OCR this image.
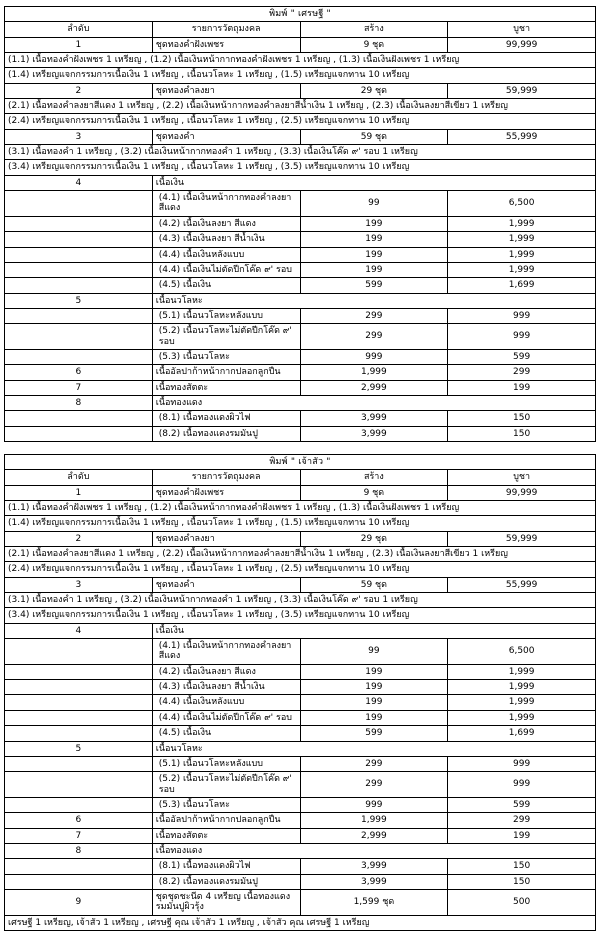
พิมพ์ " เศรษฐี "			
ลำดับ	รายการวัตถุมงคล	สร้าง	บูชา
1	ชุดทองคำฝังเพชร	9 ชุด	99,999
(1.1) เนื้อทองคำฝังเพชร 1 เหรียญ , (1.2) เนื้อเงินหน้ากากทองคำฝังเพชร 1 เหรียญ , (1.3) เนื้อเงินฝังเพชร 1 เหรียญ			
(1.4) เหรียญแจกกรรมการเนื้อเงิน 1 เหรียญ , เนื้อนวโลหะ 1 เหรียญ , (1.5) เหรียญแจกทาน 10 เหรียญ			
2	ชุดทองคำลงยา	29 ชุด	59,999
(2.1) เนื้อทองคำลงยาสีแดง 1 เหรียญ , (2.2) เนื้อเงินหน้ากากทองคำลงยาสีน้ำเงิน 1 เหรียญ , (2.3) เนื้อเงินลงยาสีเขียว 1 เหรียญ			
(2.4) เหรียญแจกกรรมการเนื้อเงิน 1 เหรียญ , เนื้อนวโลหะ 1 เหรียญ , (2.5) เหรียญแจกทาน 10 เหรียญ			
3	ชุดทองคำ	59 ชุด	55,999
(3.1) เนื้อทองคำ 1 เหรียญ , (3.2) เนื้อเงินหน้ากากทองคำ 1 เหรียญ , (3.3) เนื้อเงินโค๊ด ๙' รอบ 1 เหรียญ			
(3.4) เหรียญแจกกรรมการเนื้อเงิน 1 เหรียญ , เนื้อนวโลหะ 1 เหรียญ , (3.5) เหรียญแจกทาน 10 เหรียญ			
4	เนื้อเงิน		
	(4.1) เนื้อเงินหน้ากากทองคำลงยาสีแดง	99	6,500
	(4.2) เนื้อเงินลงยา สีแดง	199	1,999
	(4.3) เนื้อเงินลงยา สีน้ำเงิน	199	1,999
	(4.4) เนื้อเงินหลังแบบ	199	1,999
	(4.4) เนื้อเงินไม่ตัดปีกโค๊ด ๙' รอบ	199	1,999
	(4.5) เนื้อเงิน	599	1,699
5	เนื้อนวโลหะ		
	(5.1) เนื้อนวโลหะหลังแบบ	299	999
	(5.2) เนื้อนวโลหะไม่ตัดปีกโค๊ด ๙' รอบ	299	999
	(5.3) เนื้อนวโลหะ	999	599
6	เนื้ออัลปาก้าหน้ากากปลอกลูกปืน	1,999	299
7	เนื้อทองสัตตะ	2,999	199
8	เนื้อทองแดง		
	(8.1) เนื้อทองแดงผิวไฟ	3,999	150
	(8.2) เนื้อทองแดงรมมันปู	3,999	150
พิมพ์ " เจ้าสัว "			
ลำดับ	รายการวัตถุมงคล	สร้าง	บูชา
1	ชุดทองคำฝังเพชร	9 ชุด	99,999
(1.1) เนื้อทองคำฝังเพชร 1 เหรียญ , (1.2) เนื้อเงินหน้ากากทองคำฝังเพชร 1 เหรียญ , (1.3) เนื้อเงินฝังเพชร 1 เหรียญ			
(1.4) เหรียญแจกกรรมการเนื้อเงิน 1 เหรียญ , เนื้อนวโลหะ 1 เหรียญ , (1.5) เหรียญแจกทาน 10 เหรียญ			
2	ชุดทองคำลงยา	29 ชุด	59,999
(2.1) เนื้อทองคำลงยาสีแดง 1 เหรียญ , (2.2) เนื้อเงินหน้ากากทองคำลงยาสีน้ำเงิน 1 เหรียญ , (2.3) เนื้อเงินลงยาสีเขียว 1 เหรียญ			
(2.4) เหรียญแจกกรรมการเนื้อเงิน 1 เหรียญ , เนื้อนวโลหะ 1 เหรียญ , (2.5) เหรียญแจกทาน 10 เหรียญ			
3	ชุดทองคำ	59 ชุด	55,999
(3.1) เนื้อทองคำ 1 เหรียญ , (3.2) เนื้อเงินหน้ากากทองคำ 1 เหรียญ , (3.3) เนื้อเงินโค๊ด ๙' รอบ 1 เหรียญ			
(3.4) เหรียญแจกกรรมการเนื้อเงิน 1 เหรียญ , เนื้อนวโลหะ 1 เหรียญ , (3.5) เหรียญแจกทาน 10 เหรียญ			
4	เนื้อเงิน		
	(4.1) เนื้อเงินหน้ากากทองคำลงยาสีแดง	99	6,500
	(4.2) เนื้อเงินลงยา สีแดง	199	1,999
	(4.3) เนื้อเงินลงยา สีน้ำเงิน	199	1,999
	(4.4) เนื้อเงินหลังแบบ	199	1,999
	(4.4) เนื้อเงินไม่ตัดปีกโค๊ด ๙' รอบ	199	1,999
	(4.5) เนื้อเงิน	599	1,699
5	เนื้อนวโลหะ		
	(5.1) เนื้อนวโลหะหลังแบบ	299	999
	(5.2) เนื้อนวโลหะไม่ตัดปีกโค๊ด ๙' รอบ	299	999
	(5.3) เนื้อนวโลหะ	999	599
6	เนื้ออัลปาก้าหน้ากากปลอกลูกปืน	1,999	299
7	เนื้อทองสัตตะ	2,999	199
8	เนื้อทองแดง		
	(8.1) เนื้อทองแดงผิวไฟ	3,999	150
	(8.2) เนื้อทองแดงรมมันปู	3,999	150
9	ชุดชุดชะนีด 4 เหรียญ เนื้อทองแดงรมมันปูผิวรุ้ง	1,599 ชุด	500
เศรษฐี 1 เหรียญ, เจ้าสัว 1 เหรียญ , เศรษฐี คุณ เจ้าสัว 1 เหรียญ , เจ้าสัว คุณ เศรษฐี 1 เหรียญ			
